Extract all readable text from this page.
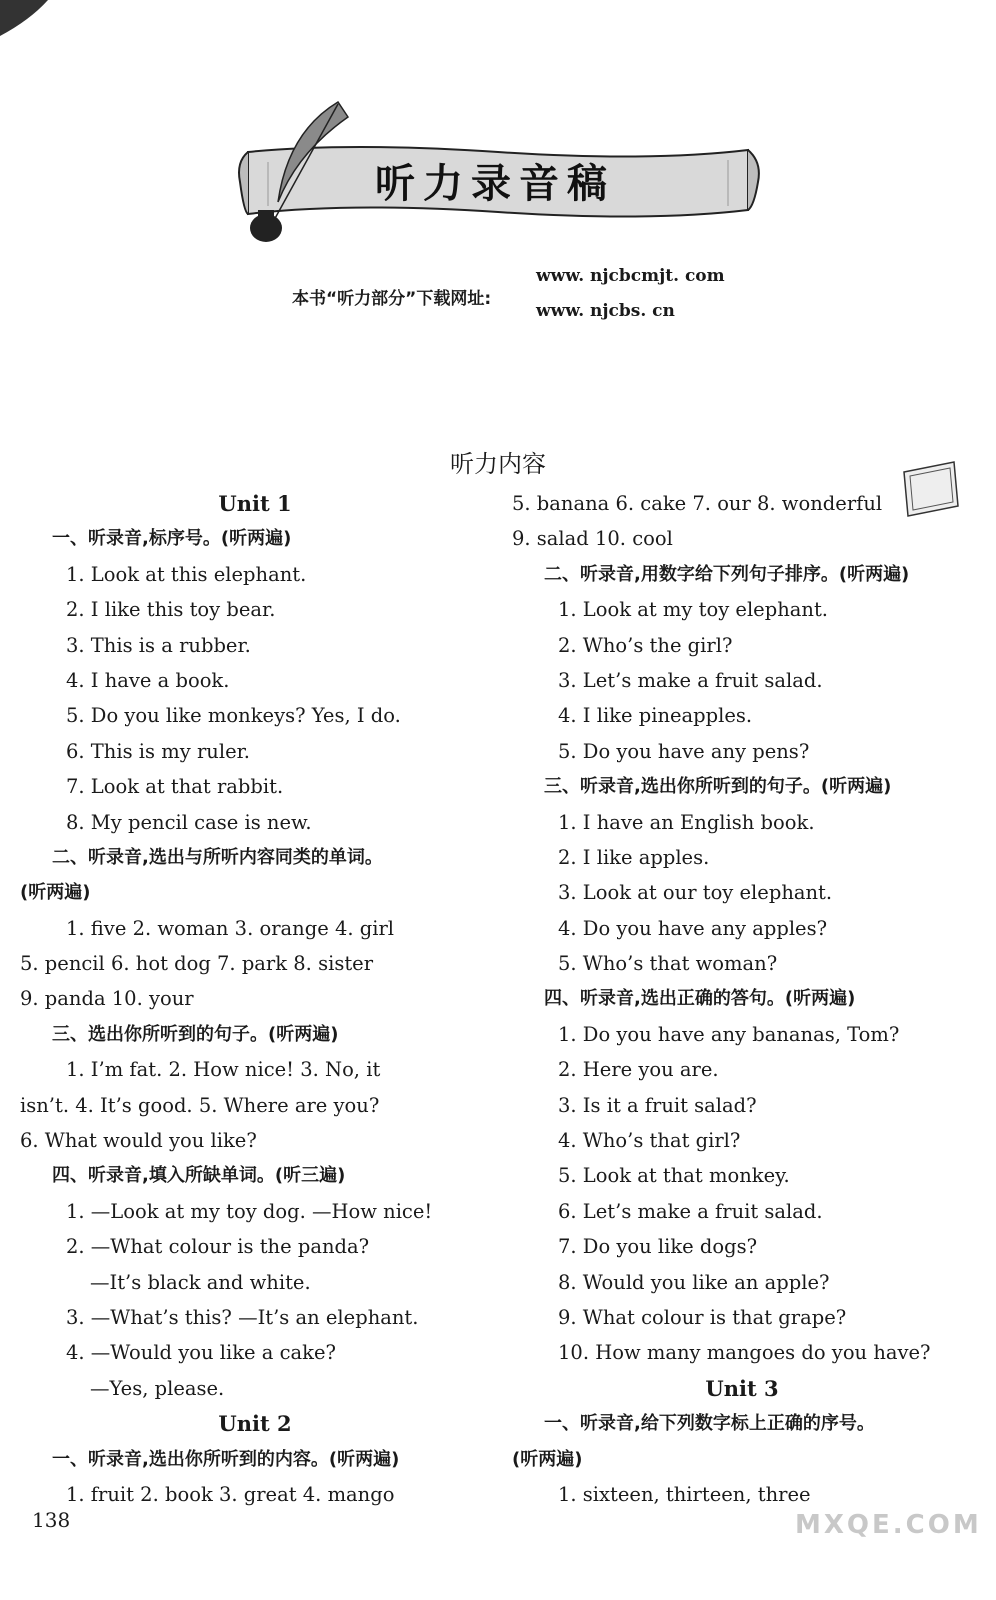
听力录音稿
本书“听力部分”下载网址:
www. njcbcmjt. com
www. njcbs. cn
听力内容
Unit 1
一、听录音,标序号。(听两遍)
1. Look at this elephant.
2. I like this toy bear.
3. This is a rubber.
4. I have a book.
5. Do you like monkeys? Yes, I do.
6. This is my ruler.
7. Look at that rabbit.
8. My pencil case is new.
二、听录音,选出与所听内容同类的单词。
(听两遍)
1. five 2. woman 3. orange 4. girl
5. pencil 6. hot dog 7. park 8. sister
9. panda 10. your
三、选出你所听到的句子。(听两遍)
1. I’m fat. 2. How nice! 3. No, it
isn’t. 4. It’s good. 5. Where are you?
6. What would you like?
四、听录音,填入所缺单词。(听三遍)
1. —Look at my toy dog. —How nice!
2. —What colour is the panda?
—It’s black and white.
3. —What’s this? —It’s an elephant.
4. —Would you like a cake?
—Yes, please.
Unit 2
一、听录音,选出你所听到的内容。(听两遍)
1. fruit 2. book 3. great 4. mango
5. banana 6. cake 7. our 8. wonderful
9. salad 10. cool
二、听录音,用数字给下列句子排序。(听两遍)
1. Look at my toy elephant.
2. Who’s the girl?
3. Let’s make a fruit salad.
4. I like pineapples.
5. Do you have any pens?
三、听录音,选出你所听到的句子。(听两遍)
1. I have an English book.
2. I like apples.
3. Look at our toy elephant.
4. Do you have any apples?
5. Who’s that woman?
四、听录音,选出正确的答句。(听两遍)
1. Do you have any bananas, Tom?
2. Here you are.
3. Is it a fruit salad?
4. Who’s that girl?
5. Look at that monkey.
6. Let’s make a fruit salad.
7. Do you like dogs?
8. Would you like an apple?
9. What colour is that grape?
10. How many mangoes do you have?
Unit 3
一、听录音,给下列数字标上正确的序号。
(听两遍)
1. sixteen, thirteen, three
138	MXQE.COM
